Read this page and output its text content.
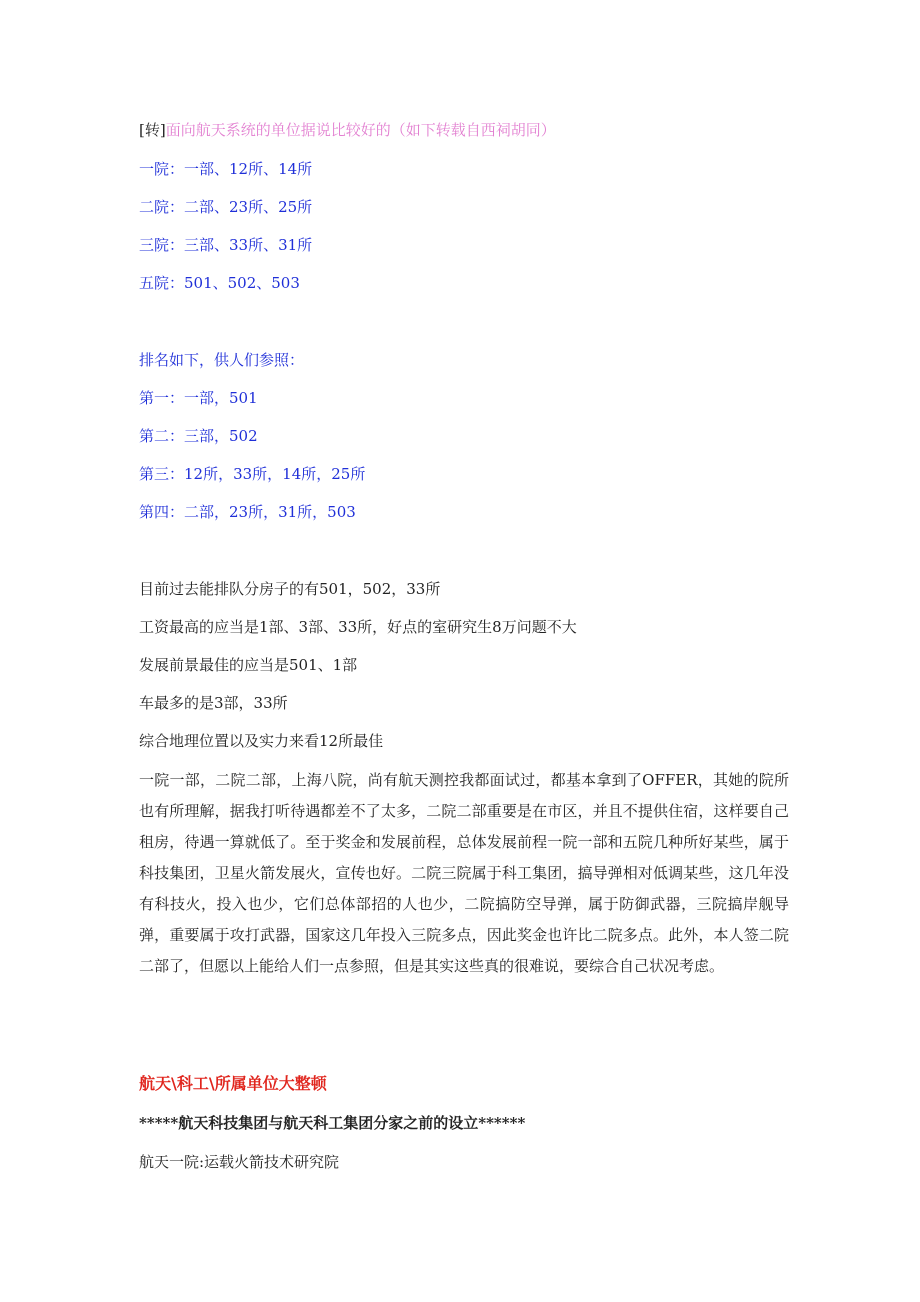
[转]面向航天系统的单位据说比较好的（如下转载自西祠胡同）
一院：一部、12所、14所
二院：二部、23所、25所
三院：三部、33所、31所
五院：501、502、503
排名如下，供人们参照：
第一：一部，501
第二：三部，502
第三：12所，33所，14所，25所
第四：二部，23所，31所，503
目前过去能排队分房子的有501，502，33所
工资最高的应当是1部、3部、33所，好点的室研究生8万问题不大
发展前景最佳的应当是501、1部
车最多的是3部，33所
综合地理位置以及实力来看12所最佳
一院一部，二院二部，上海八院，尚有航天测控我都面试过，都基本拿到了OFFER，其她的院所也有所理解，据我打听待遇都差不了太多，二院二部重要是在市区，并且不提供住宿，这样要自己租房，待遇一算就低了。至于奖金和发展前程，总体发展前程一院一部和五院几种所好某些，属于科技集团，卫星火箭发展火，宣传也好。二院三院属于科工集团，搞导弹相对低调某些，这几年没有科技火，投入也少，它们总体部招的人也少，二院搞防空导弹，属于防御武器，三院搞岸舰导弹，重要属于攻打武器，国家这几年投入三院多点，因此奖金也许比二院多点。此外，本人签二院二部了，但愿以上能给人们一点参照，但是其实这些真的很难说，要综合自己状况考虑。
航天\科工\所属单位大整顿
*****航天科技集团与航天科工集团分家之前的设立******
航天一院:运载火箭技术研究院
